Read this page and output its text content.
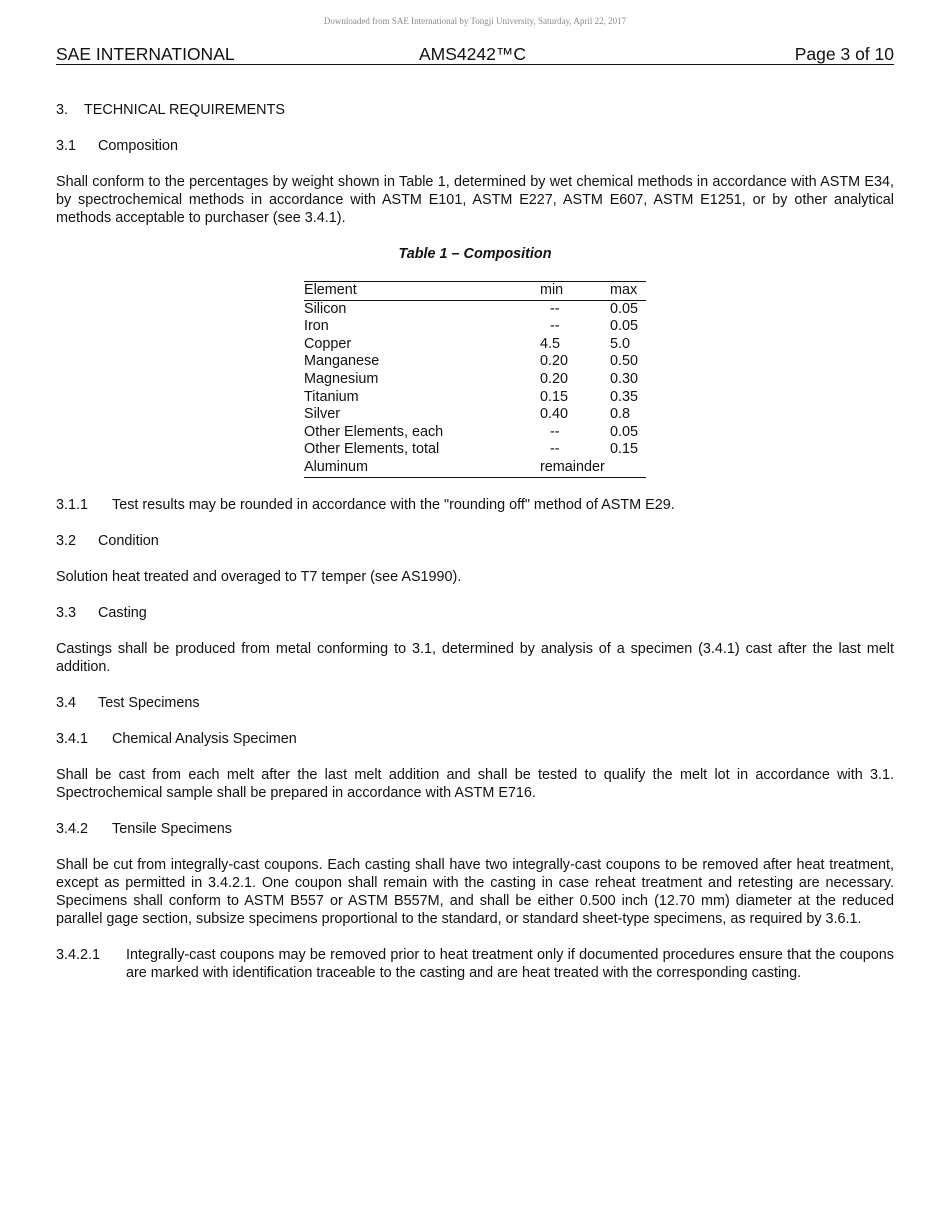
Downloaded from SAE International by Tongji University, Saturday, April 22, 2017
SAE INTERNATIONAL	AMS4242™C	Page 3 of 10
3. TECHNICAL REQUIREMENTS
3.1 Composition

Shall conform to the percentages by weight shown in Table 1, determined by wet chemical methods in accordance with ASTM E34, by spectrochemical methods in accordance with ASTM E101, ASTM E227, ASTM E607, ASTM E1251, or by other analytical methods acceptable to purchaser (see 3.4.1).

Table 1 – Composition
Element	min	max
Silicon	--	0.05
Iron	--	0.05
Copper	4.5	5.0
Manganese	0.20	0.50
Magnesium	0.20	0.30
Titanium	0.15	0.35
Silver	0.40	0.8
Other Elements, each	--	0.05
Other Elements, total	--	0.15
Aluminum	remainder	
3.1.1	Test results may be rounded in accordance with the "rounding off" method of ASTM E29.
3.2 Condition

Solution heat treated and overaged to T7 temper (see AS1990).

3.3 Casting

Castings shall be produced from metal conforming to 3.1, determined by analysis of a specimen (3.4.1) cast after the last melt addition.

3.4 Test Specimens
3.4.1 Chemical Analysis Specimen

Shall be cast from each melt after the last melt addition and shall be tested to qualify the melt lot in accordance with 3.1. Spectrochemical sample shall be prepared in accordance with ASTM E716.

3.4.2 Tensile Specimens

Shall be cut from integrally-cast coupons. Each casting shall have two integrally-cast coupons to be removed after heat treatment, except as permitted in 3.4.2.1. One coupon shall remain with the casting in case reheat treatment and retesting are necessary. Specimens shall conform to ASTM B557 or ASTM B557M, and shall be either 0.500 inch (12.70 mm) diameter at the reduced parallel gage section, subsize specimens proportional to the standard, or standard sheet-type specimens, as required by 3.6.1.

3.4.2.1	Integrally-cast coupons may be removed prior to heat treatment only if documented procedures ensure that the coupons are marked with identification traceable to the casting and are heat treated with the corresponding casting.
